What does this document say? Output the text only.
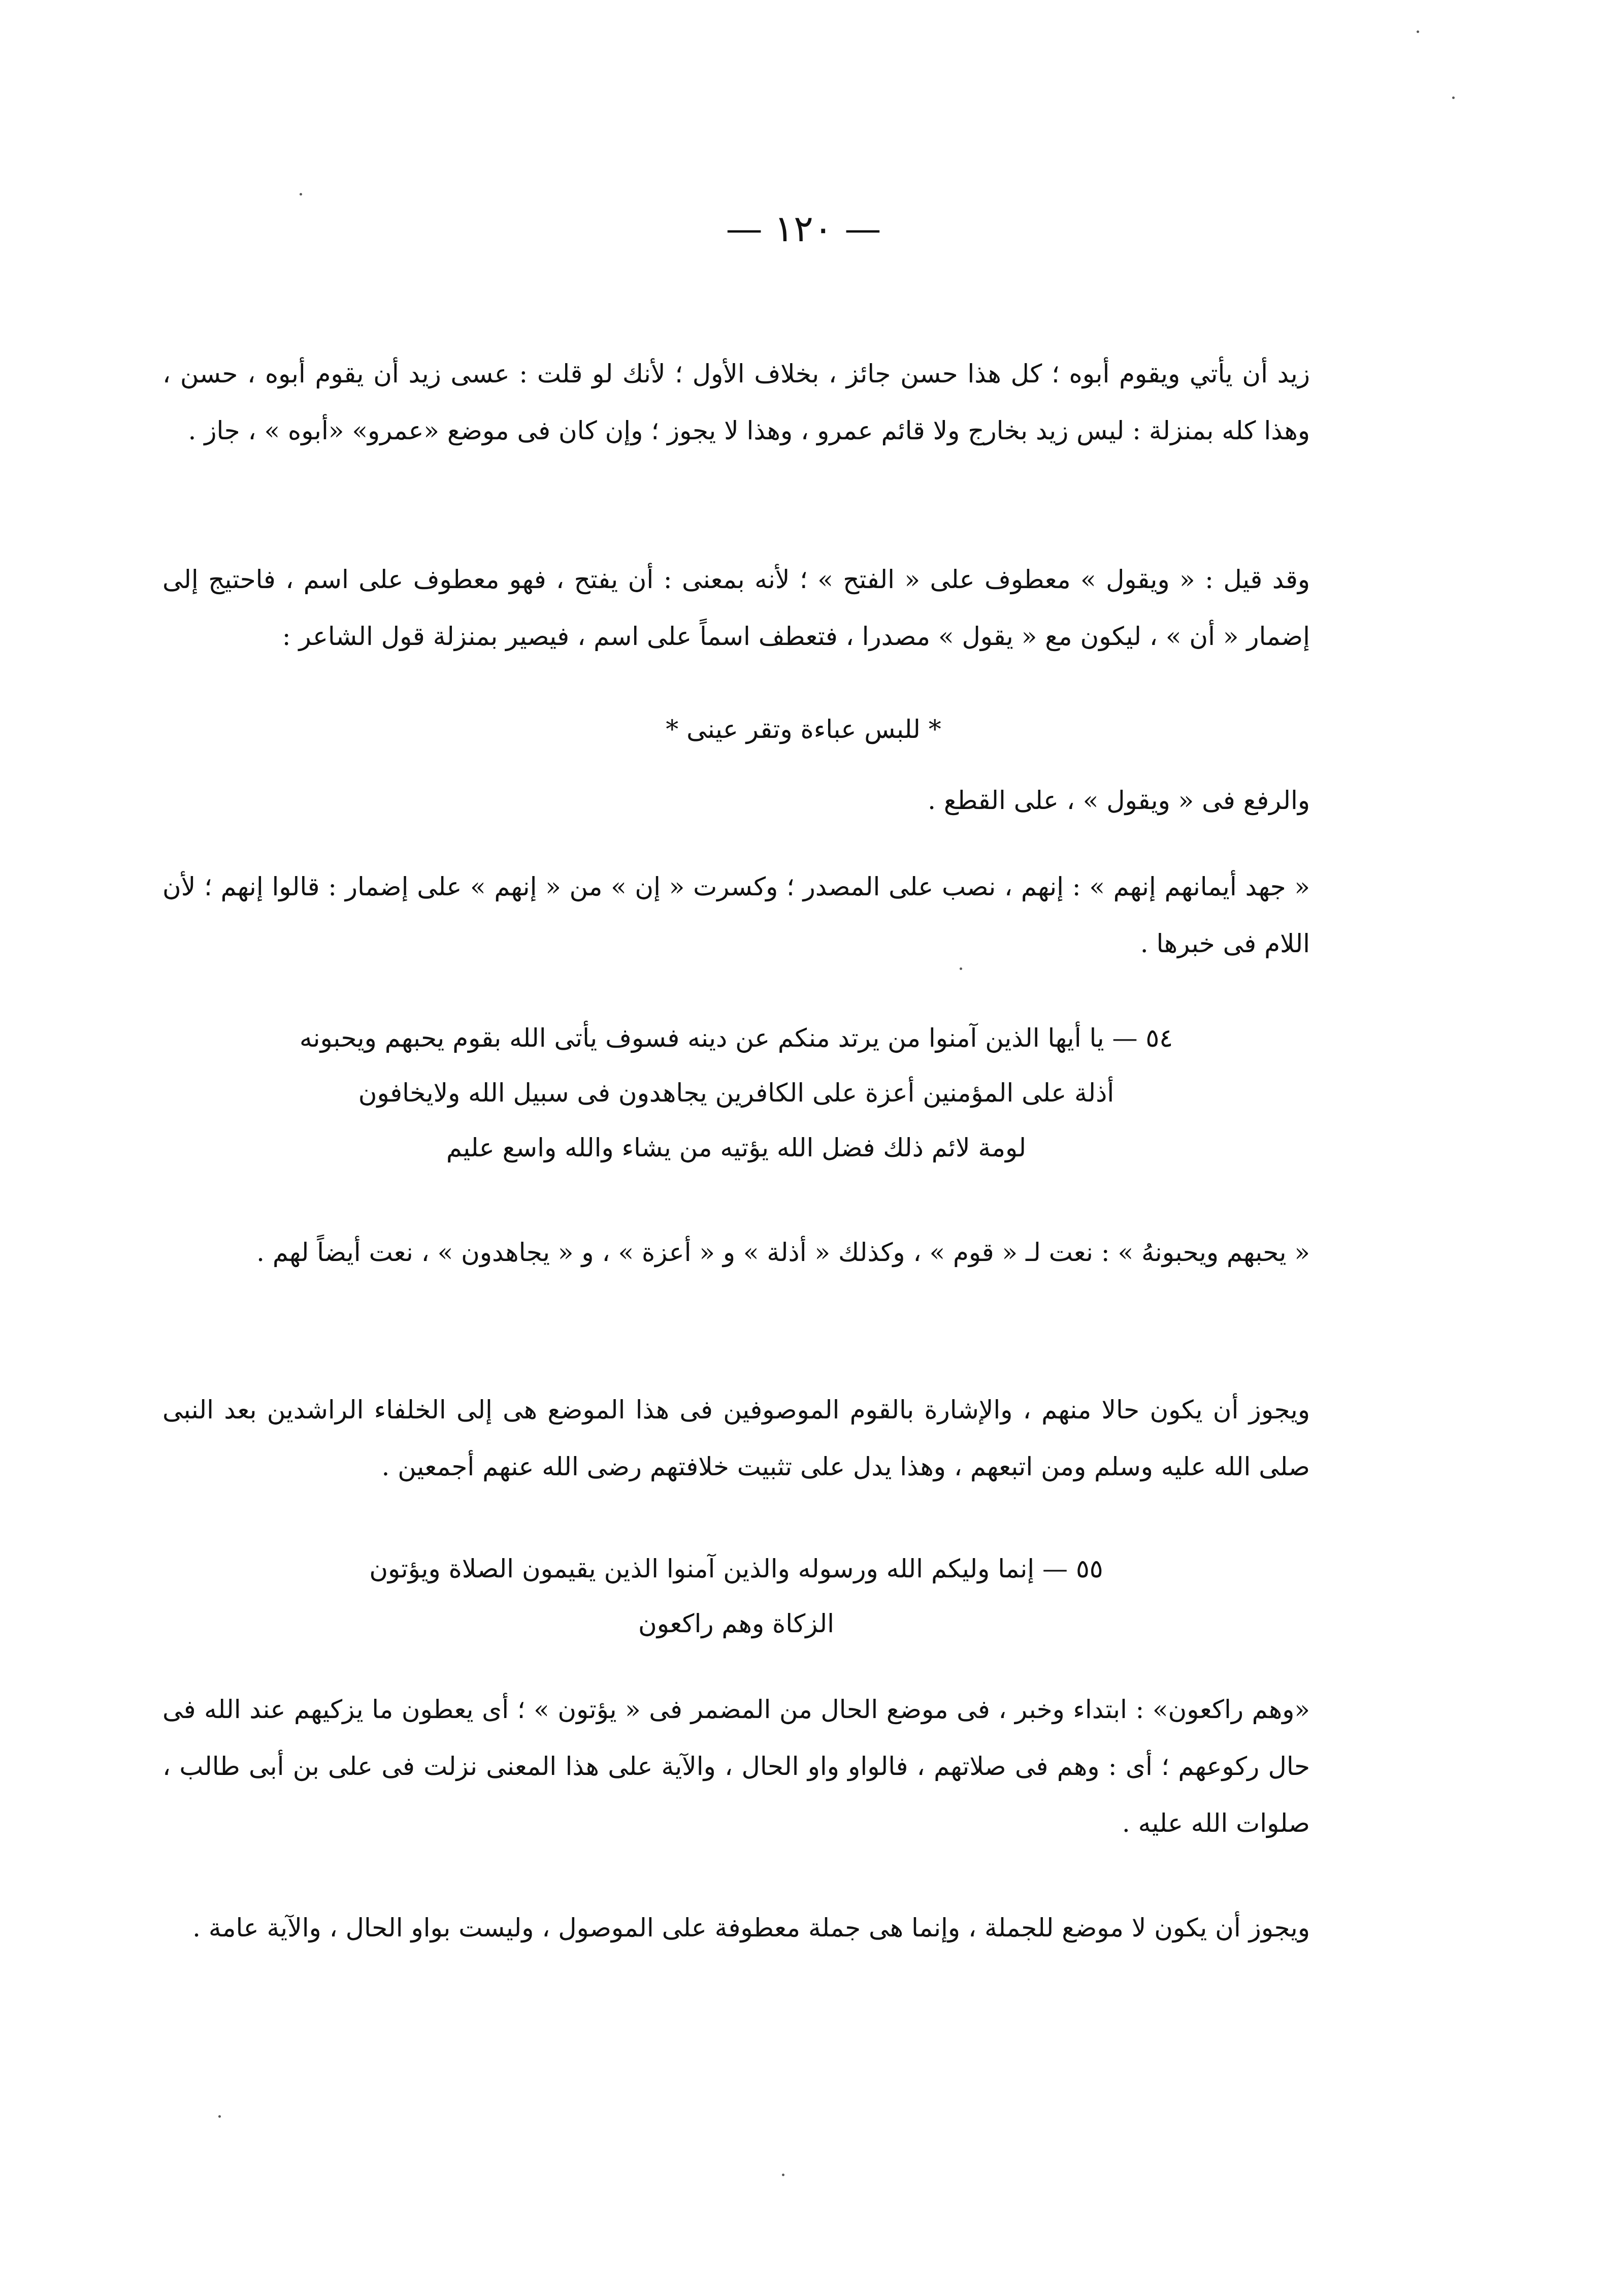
— ١٢٠ —

زيد أن يأتي ويقوم أبوه ؛ كل هذا حسن جائز ، بخلاف الأول ؛ لأنك لو قلت : عسى زيد أن يقوم أبوه ، حسن ، وهذا كله بمنزلة : ليس زيد بخارج ولا قائم عمرو ، وهذا لا يجوز ؛ وإن كان فى موضع «عمرو» «أبوه » ، جاز .

وقد قيل : « ويقول » معطوف على « الفتح » ؛ لأنه بمعنى : أن يفتح ، فهو معطوف على اسم ، فاحتيج إلى إضمار « أن » ، ليكون مع « يقول » مصدرا ، فتعطف اسماً على اسم ، فيصير بمنزلة قول الشاعر :

* للبس عباءة وتقر عينى *

والرفع فى « ويقول » ، على القطع .

« جهد أيمانهم إنهم » : إنهم ، نصب على المصدر ؛ وكسرت « إن » من « إنهم » على إضمار : قالوا إنهم ؛ لأن اللام فى خبرها .

٥٤ — يا أيها الذين آمنوا من يرتد منكم عن دينه فسوف يأتى الله بقوم يحبهم ويحبونه
أذلة على المؤمنين أعزة على الكافرين يجاهدون فى سبيل الله ولايخافون
لومة لائم ذلك فضل الله يؤتيه من يشاء والله واسع عليم

« يحبهم ويحبونهُ » : نعت لـ « قوم » ، وكذلك « أذلة » و « أعزة » ، و « يجاهدون » ، نعت أيضاً لهم .

ويجوز أن يكون حالا منهم ، والإشارة بالقوم الموصوفين فى هذا الموضع هى إلى الخلفاء الراشدين بعد النبى صلى الله عليه وسلم ومن اتبعهم ، وهذا يدل على تثبيت خلافتهم رضى الله عنهم أجمعين .

٥٥ — إنما وليكم الله ورسوله والذين آمنوا الذين يقيمون الصلاة ويؤتون
الزكاة وهم راكعون

«وهم راكعون» : ابتداء وخبر ، فى موضع الحال من المضمر فى « يؤتون » ؛ أى يعطون ما يزكيهم عند الله فى حال ركوعهم ؛ أى : وهم فى صلاتهم ، فالواو واو الحال ، والآية على هذا المعنى نزلت فى على بن أبى طالب ، صلوات الله عليه .

ويجوز أن يكون لا موضع للجملة ، وإنما هى جملة معطوفة على الموصول ، وليست بواو الحال ، والآية عامة .
